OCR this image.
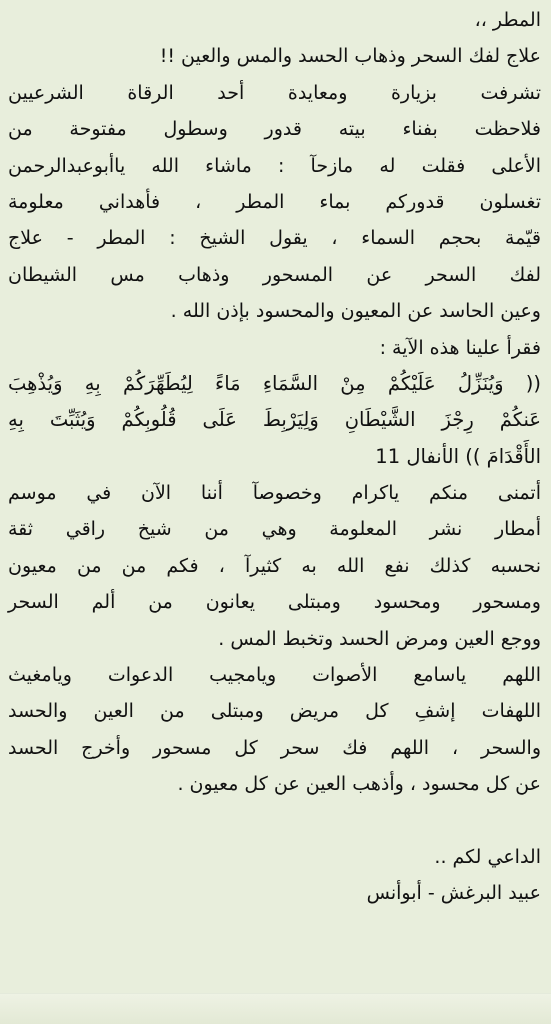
المطر ،،
علاج لفك السحر وذهاب الحسد والمس والعين !!
تشرفت بزيارة ومعايدة أحد الرقاة الشرعيين
فلاحظت بفناء بيته قدور وسطول مفتوحة من
الأعلى فقلت له مازحآ : ماشاء الله ياأبوعبدالرحمن
تغسلون قدوركم بماء المطر ، فأهداني معلومة
قيّمة بحجم السماء ، يقول الشيخ : المطر - علاج
لفك السحر عن المسحور وذهاب مس الشيطان
وعين الحاسد عن المعيون والمحسود بإذن الله .
فقرأ علينا هذه الآية :
(( وَيُنَزِّلُ عَلَيْكُمْ مِنْ السَّمَاءِ مَاءً لِيُطَهِّرَكُمْ بِهِ وَيُذْهِبَ
عَنكُمْ رِجْزَ الشَّيْطَانِ وَلِيَرْبِطَ عَلَى قُلُوبِكُمْ وَيُثَبِّتَ بِهِ
الأَقْدَامَ )) الأنفال 11
أتمنى منكم ياكرام وخصوصآ أننا الآن في موسم
أمطار نشر المعلومة وهي من شيخ راقي ثقة
نحسبه كذلك نفع الله به كثيرآ ، فكم من من معيون
ومسحور ومحسود ومبتلى يعانون من ألم السحر
ووجع العين ومرض الحسد وتخبط المس .
اللهم ياسامع الأصوات ويامجيب الدعوات ويامغيث
اللهفات إشفِ كل مريض ومبتلى من العين والحسد
والسحر ، اللهم فك سحر كل مسحور وأخرج الحسد
عن كل محسود ، وأذهب العين عن كل معيون .
الداعي لكم ..
عبيد البرغش - أبوأنس
